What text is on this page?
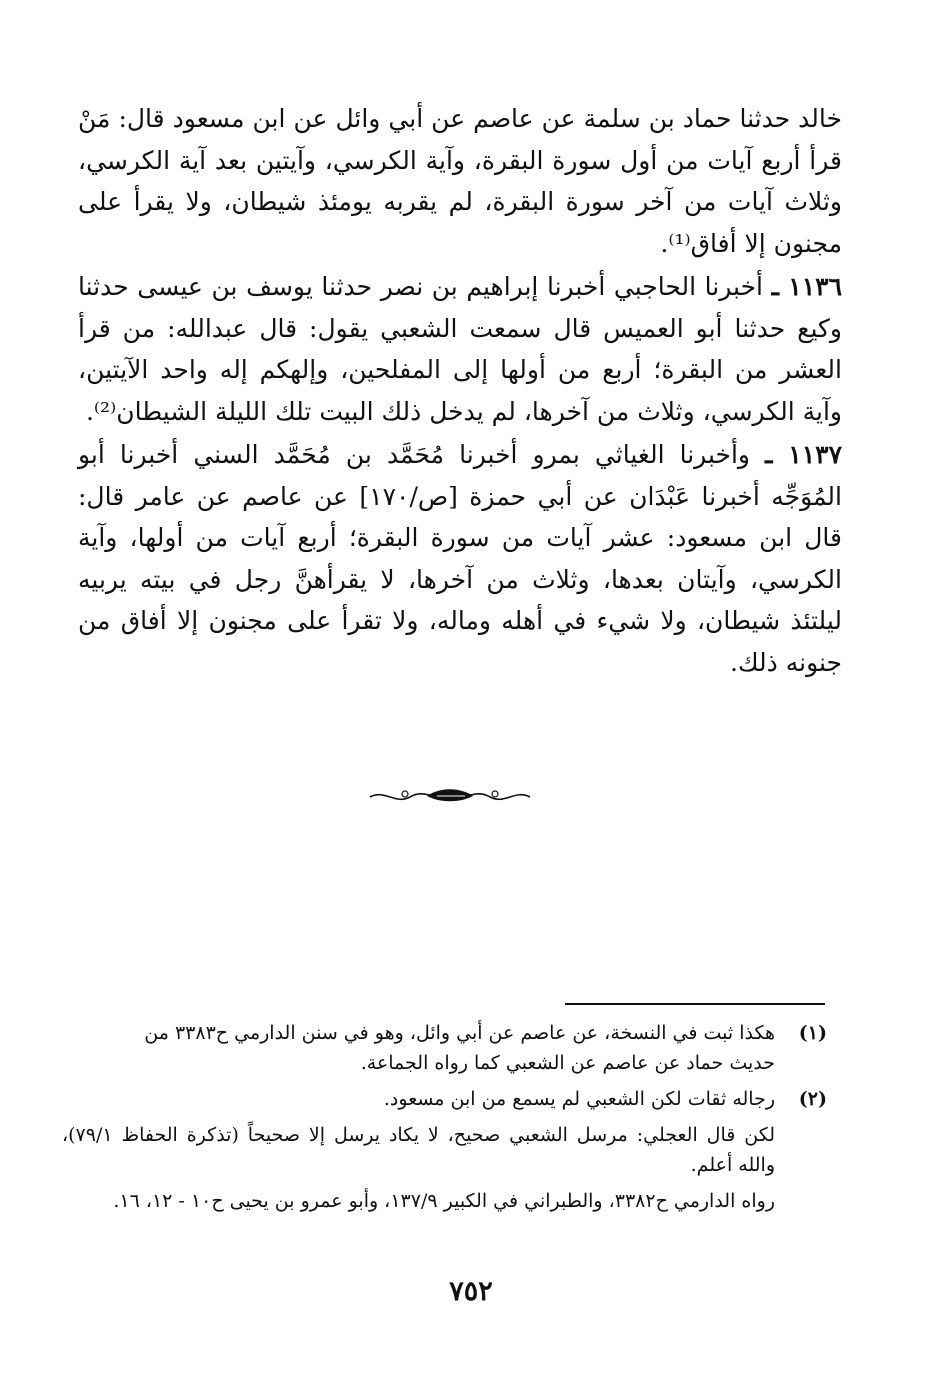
خالد حدثنا حماد بن سلمة عن عاصم عن أبي وائل عن ابن مسعود قال: مَنْ قرأ أربع آيات من أول سورة البقرة، وآية الكرسي، وآيتين بعد آية الكرسي، وثلاث آيات من آخر سورة البقرة، لم يقربه يومئذ شيطان، ولا يقرأ على مجنون إلا أفاق⁽¹⁾.

١١٣٦ ـ أخبرنا الحاجبي أخبرنا إبراهيم بن نصر حدثنا يوسف بن عيسى حدثنا وكيع حدثنا أبو العميس قال سمعت الشعبي يقول: قال عبدالله: من قرأ العشر من البقرة؛ أربع من أولها إلى المفلحين، وإلهكم إله واحد الآيتين، وآية الكرسي، وثلاث من آخرها، لم يدخل ذلك البيت تلك الليلة الشيطان⁽²⁾.

١١٣٧ ـ وأخبرنا الغياثي بمرو أخبرنا مُحَمَّد بن مُحَمَّد السني أخبرنا أبو المُوَجِّه أخبرنا عَبْدَان عن أبي حمزة [ص/١٧٠] عن عاصم عن عامر قال: قال ابن مسعود: عشر آيات من سورة البقرة؛ أربع آيات من أولها، وآية الكرسي، وآيتان بعدها، وثلاث من آخرها، لا يقرأهنَّ رجل في بيته يربيه ليلتئذ شيطان، ولا شيء في أهله وماله، ولا تقرأ على مجنون إلا أفاق من جنونه ذلك.

(١)
هكذا ثبت في النسخة، عن عاصم عن أبي وائل، وهو في سنن الدارمي ح٣٣٨٣ من
حديث حماد عن عاصم عن الشعبي كما رواه الجماعة.
(٢)
رجاله ثقات لكن الشعبي لم يسمع من ابن مسعود.
لكن قال العجلي: مرسل الشعبي صحيح، لا يكاد يرسل إلا صحيحاً (تذكرة الحفاظ ٧٩/١)، والله أعلم.
رواه الدارمي ح٣٣٨٢، والطبراني في الكبير ١٣٧/٩، وأبو عمرو بن يحيى ح١٠ - ١٢، ١٦.
٧٥٢
